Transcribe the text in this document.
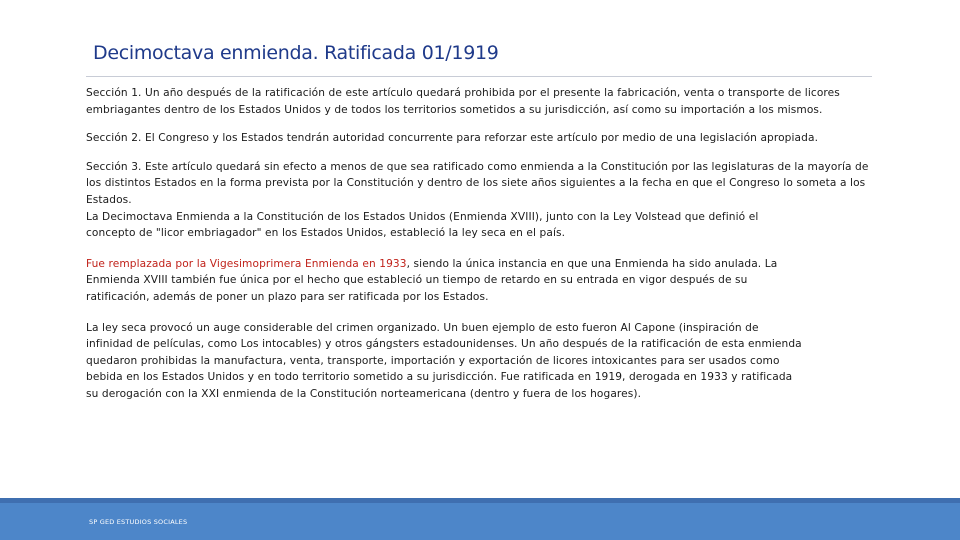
Decimoctava enmienda. Ratificada 01/1919

Sección 1. Un año después de la ratificación de este artículo quedará prohibida por el presente la fabricación, venta o transporte de licores embriagantes dentro de los Estados Unidos y de todos los territorios sometidos a su jurisdicción, así como su importación a los mismos.

Sección 2. El Congreso y los Estados tendrán autoridad concurrente para reforzar este artículo por medio de una legislación apropiada.

Sección 3. Este artículo quedará sin efecto a menos de que sea ratificado como enmienda a la Constitución por las legislaturas de la mayoría de los distintos Estados en la forma prevista por la Constitución y dentro de los siete años siguientes a la fecha en que el Congreso lo someta a los Estados.

La Decimoctava Enmienda a la Constitución de los Estados Unidos (Enmienda XVIII), junto con la Ley Volstead que definió el concepto de "licor embriagador" en los Estados Unidos, estableció la ley seca en el país.

Fue remplazada por la Vigesimoprimera Enmienda en 1933, siendo la única instancia en que una Enmienda ha sido anulada. La Enmienda XVIII también fue única por el hecho que estableció un tiempo de retardo en su entrada en vigor después de su ratificación, además de poner un plazo para ser ratificada por los Estados.

La ley seca provocó un auge considerable del crimen organizado. Un buen ejemplo de esto fueron Al Capone (inspiración de infinidad de películas, como Los intocables) y otros gángsters estadounidenses. Un año después de la ratificación de esta enmienda quedaron prohibidas la manufactura, venta, transporte, importación y exportación de licores intoxicantes para ser usados como bebida en los Estados Unidos y en todo territorio sometido a su jurisdicción. Fue ratificada en 1919, derogada en 1933 y ratificada su derogación con la XXI enmienda de la Constitución norteamericana (dentro y fuera de los hogares).

SP GED ESTUDIOS SOCIALES
